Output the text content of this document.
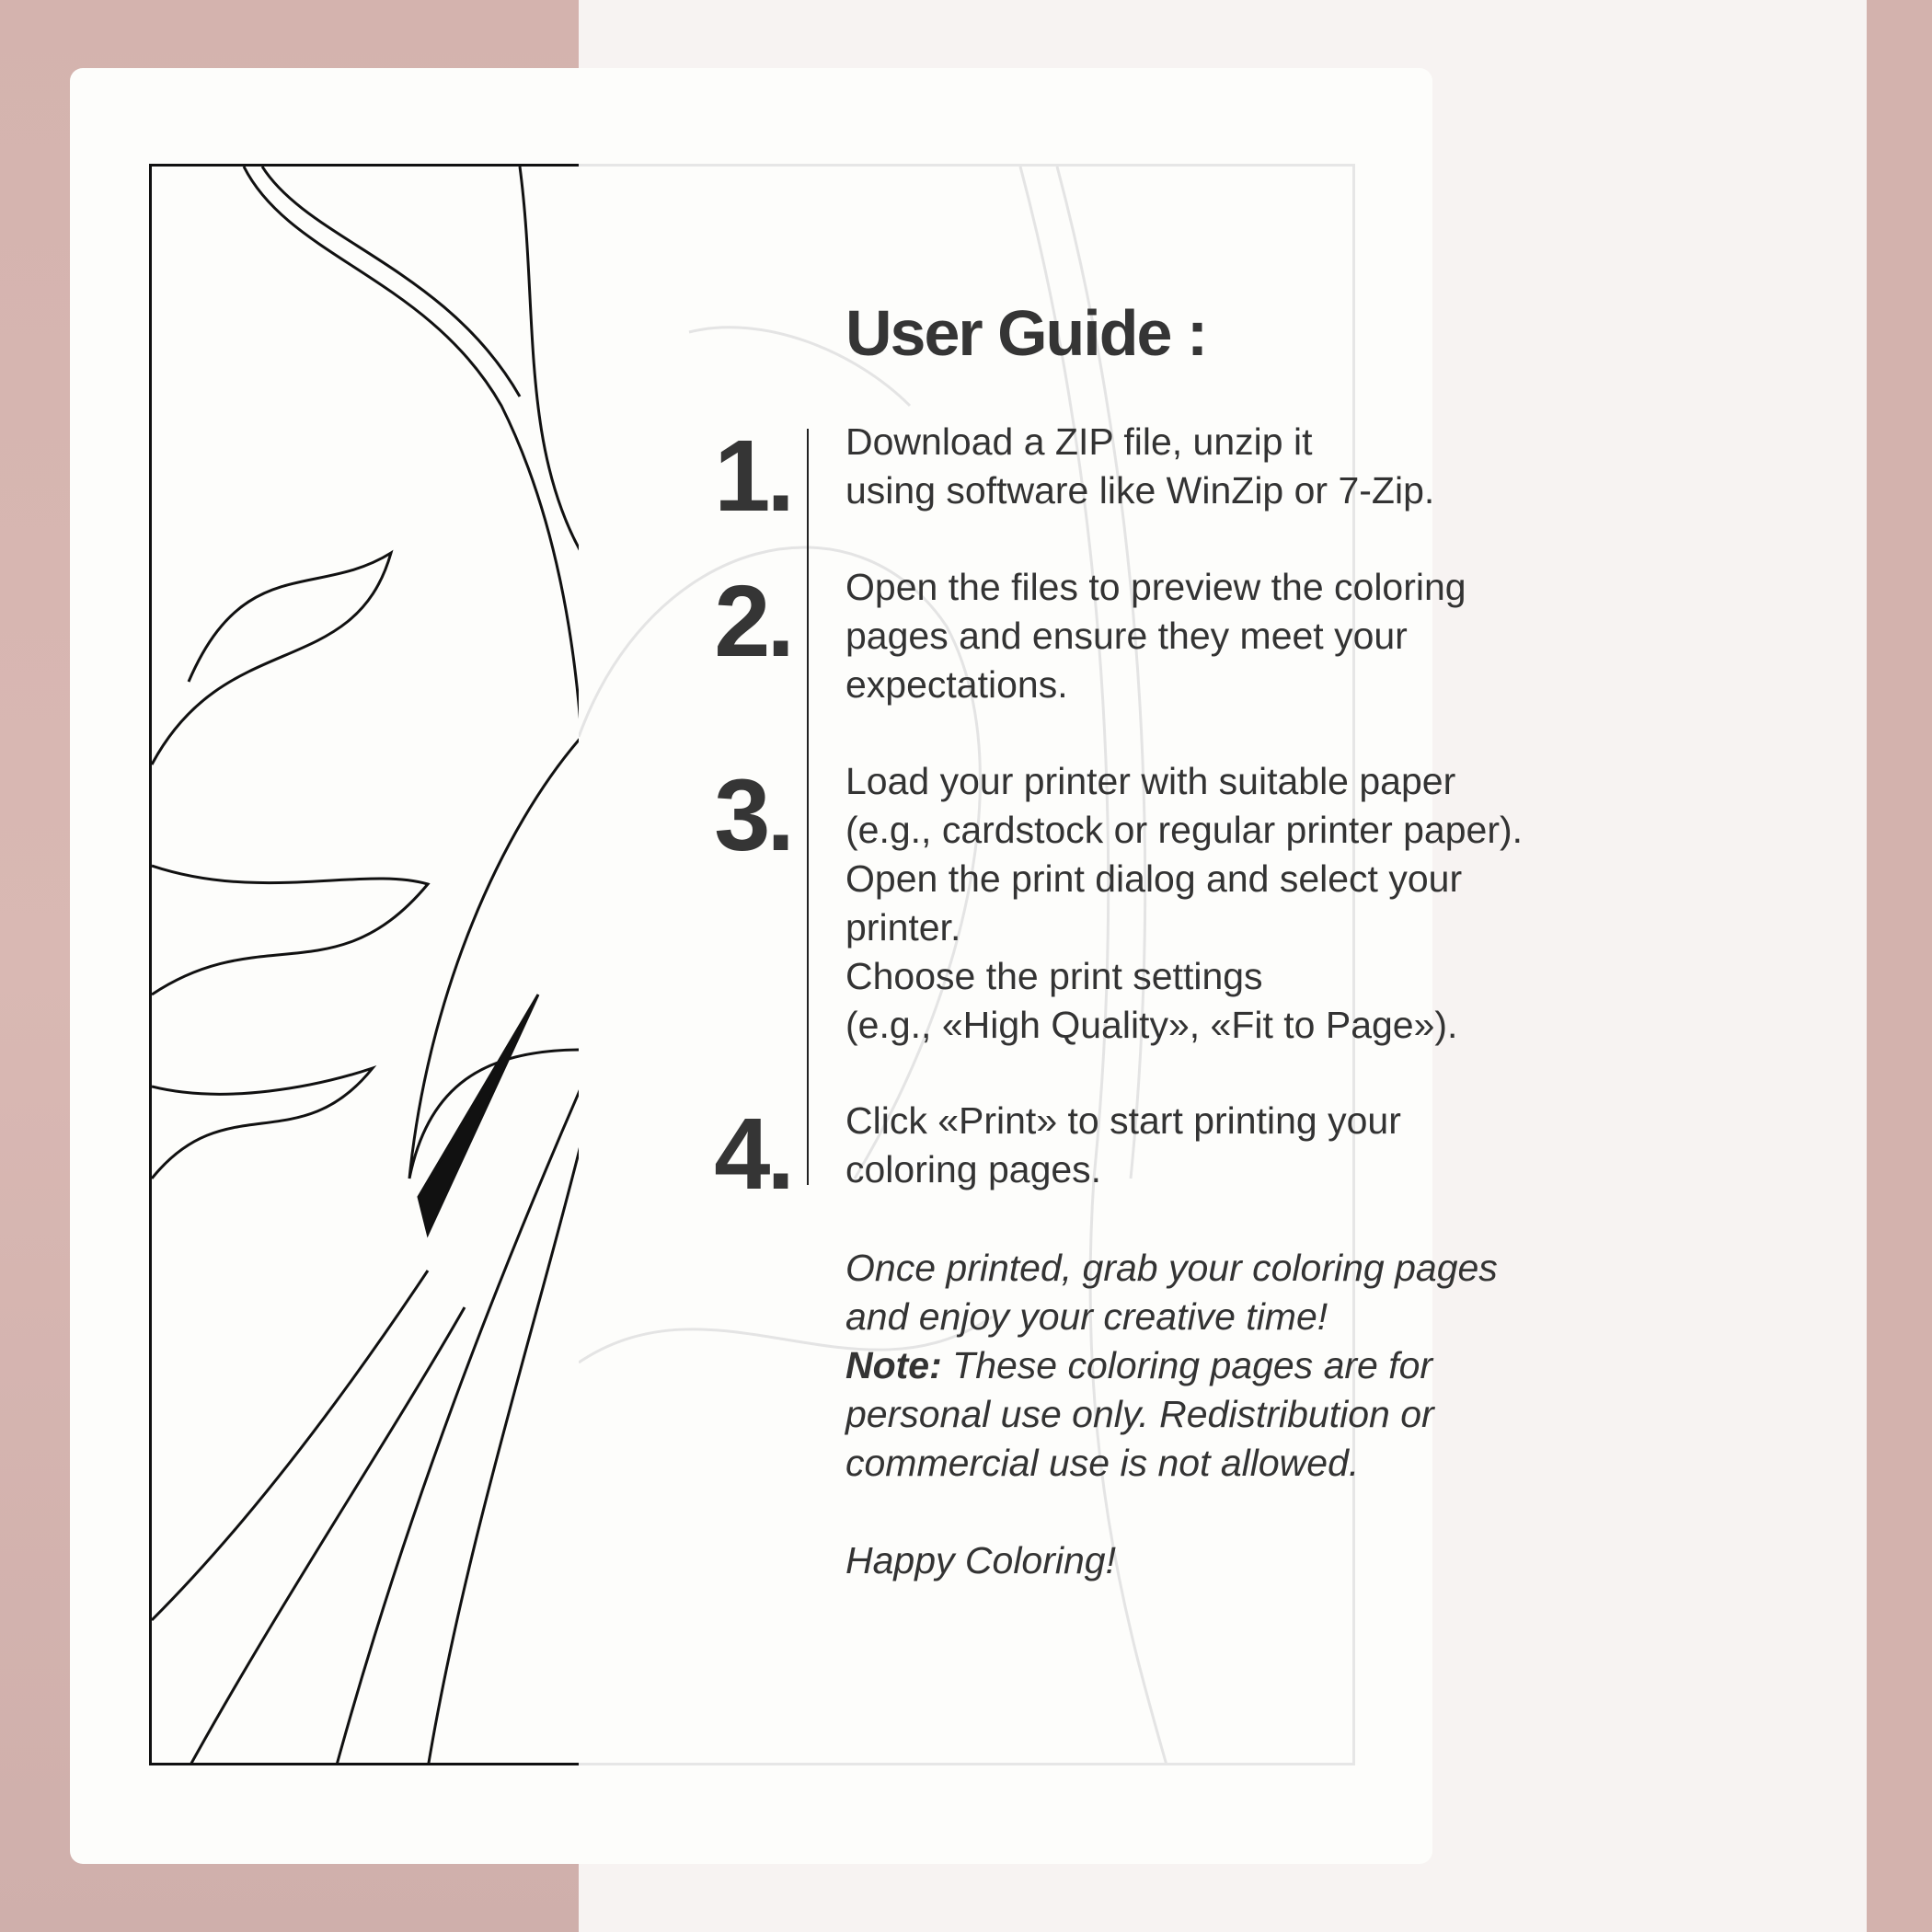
User Guide :
1. Download a ZIP file, unzip it
using software like WinZip or 7-Zip.
2. Open the files to preview the coloring
pages and ensure they meet your
expectations.
3. Load your printer with suitable paper
(e.g., cardstock or regular printer paper).
Open the print dialog and select your
printer.
Choose the print settings
(e.g., «High Quality», «Fit to Page»).
4. Click «Print» to start printing your
coloring pages.
Once printed, grab your coloring pages
and enjoy your creative time!
Note: These coloring pages are for
personal use only. Redistribution or
commercial use is not allowed.
Happy Coloring!
